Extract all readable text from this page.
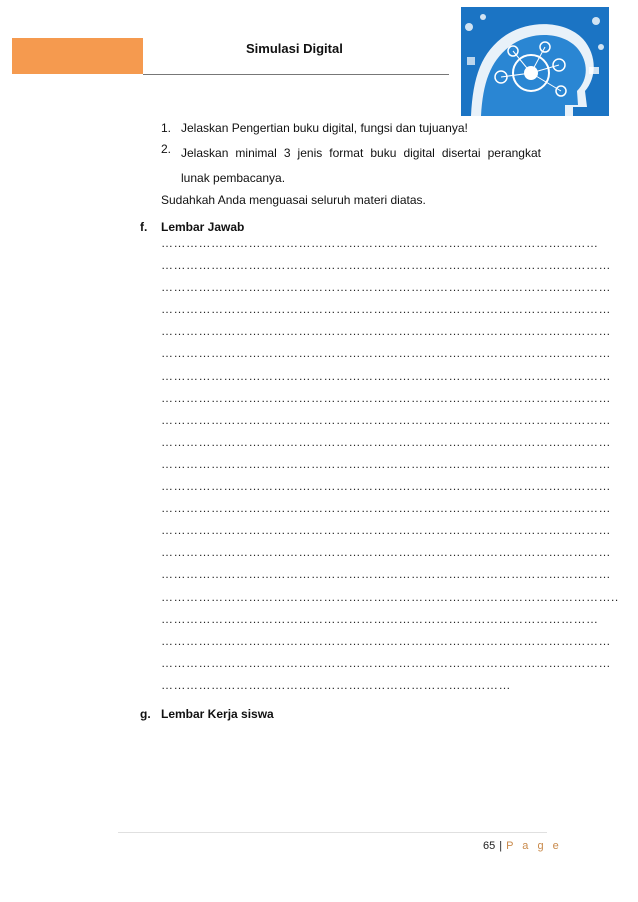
Simulasi Digital
1. Jelaskan Pengertian buku digital, fungsi dan tujuanya!
2. Jelaskan minimal 3 jenis format buku digital disertai perangkat lunak pembacanya.
Sudahkah Anda menguasai seluruh materi diatas.
f. Lembar Jawab
……………………………………………………………………………………………
………………………………………………………………………………………………
………………………………………………………………………………………………
………………………………………………………………………………………………
………………………………………………………………………………………………
………………………………………………………………………………………………
………………………………………………………………………………………………
………………………………………………………………………………………………
………………………………………………………………………………………………
………………………………………………………………………………………………
………………………………………………………………………………………………
………………………………………………………………………………………………
………………………………………………………………………………………………
………………………………………………………………………………………………
………………………………………………………………………………………………
………………………………………………………………………………………………
………………………………………………………………………………………………..
……………………………………………………………………………………………
………………………………………………………………………………………………
………………………………………………………………………………………………
…………………………………………………………………………
g. Lembar Kerja siswa
65 | P a g e
